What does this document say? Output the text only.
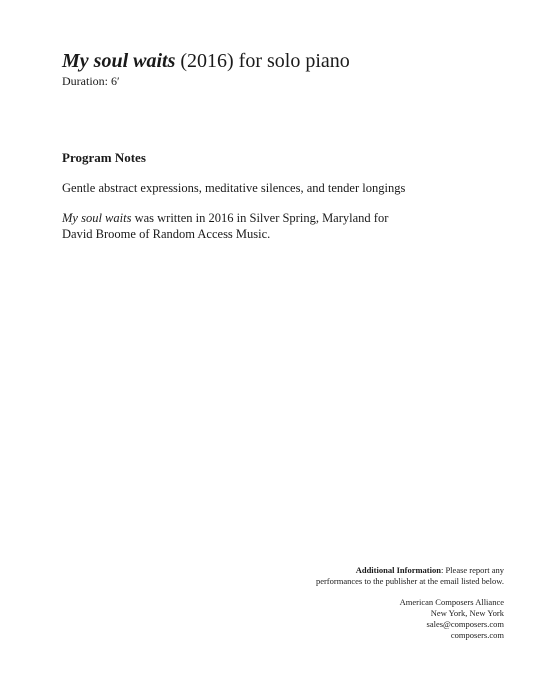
My soul waits (2016) for solo piano
Duration: 6′
Program Notes
Gentle abstract expressions, meditative silences, and tender longings
My soul waits was written in 2016 in Silver Spring, Maryland for David Broome of Random Access Music.
Additional Information: Please report any
performances to the publisher at the email listed below.
American Composers Alliance
New York, New York
sales@composers.com
composers.com
